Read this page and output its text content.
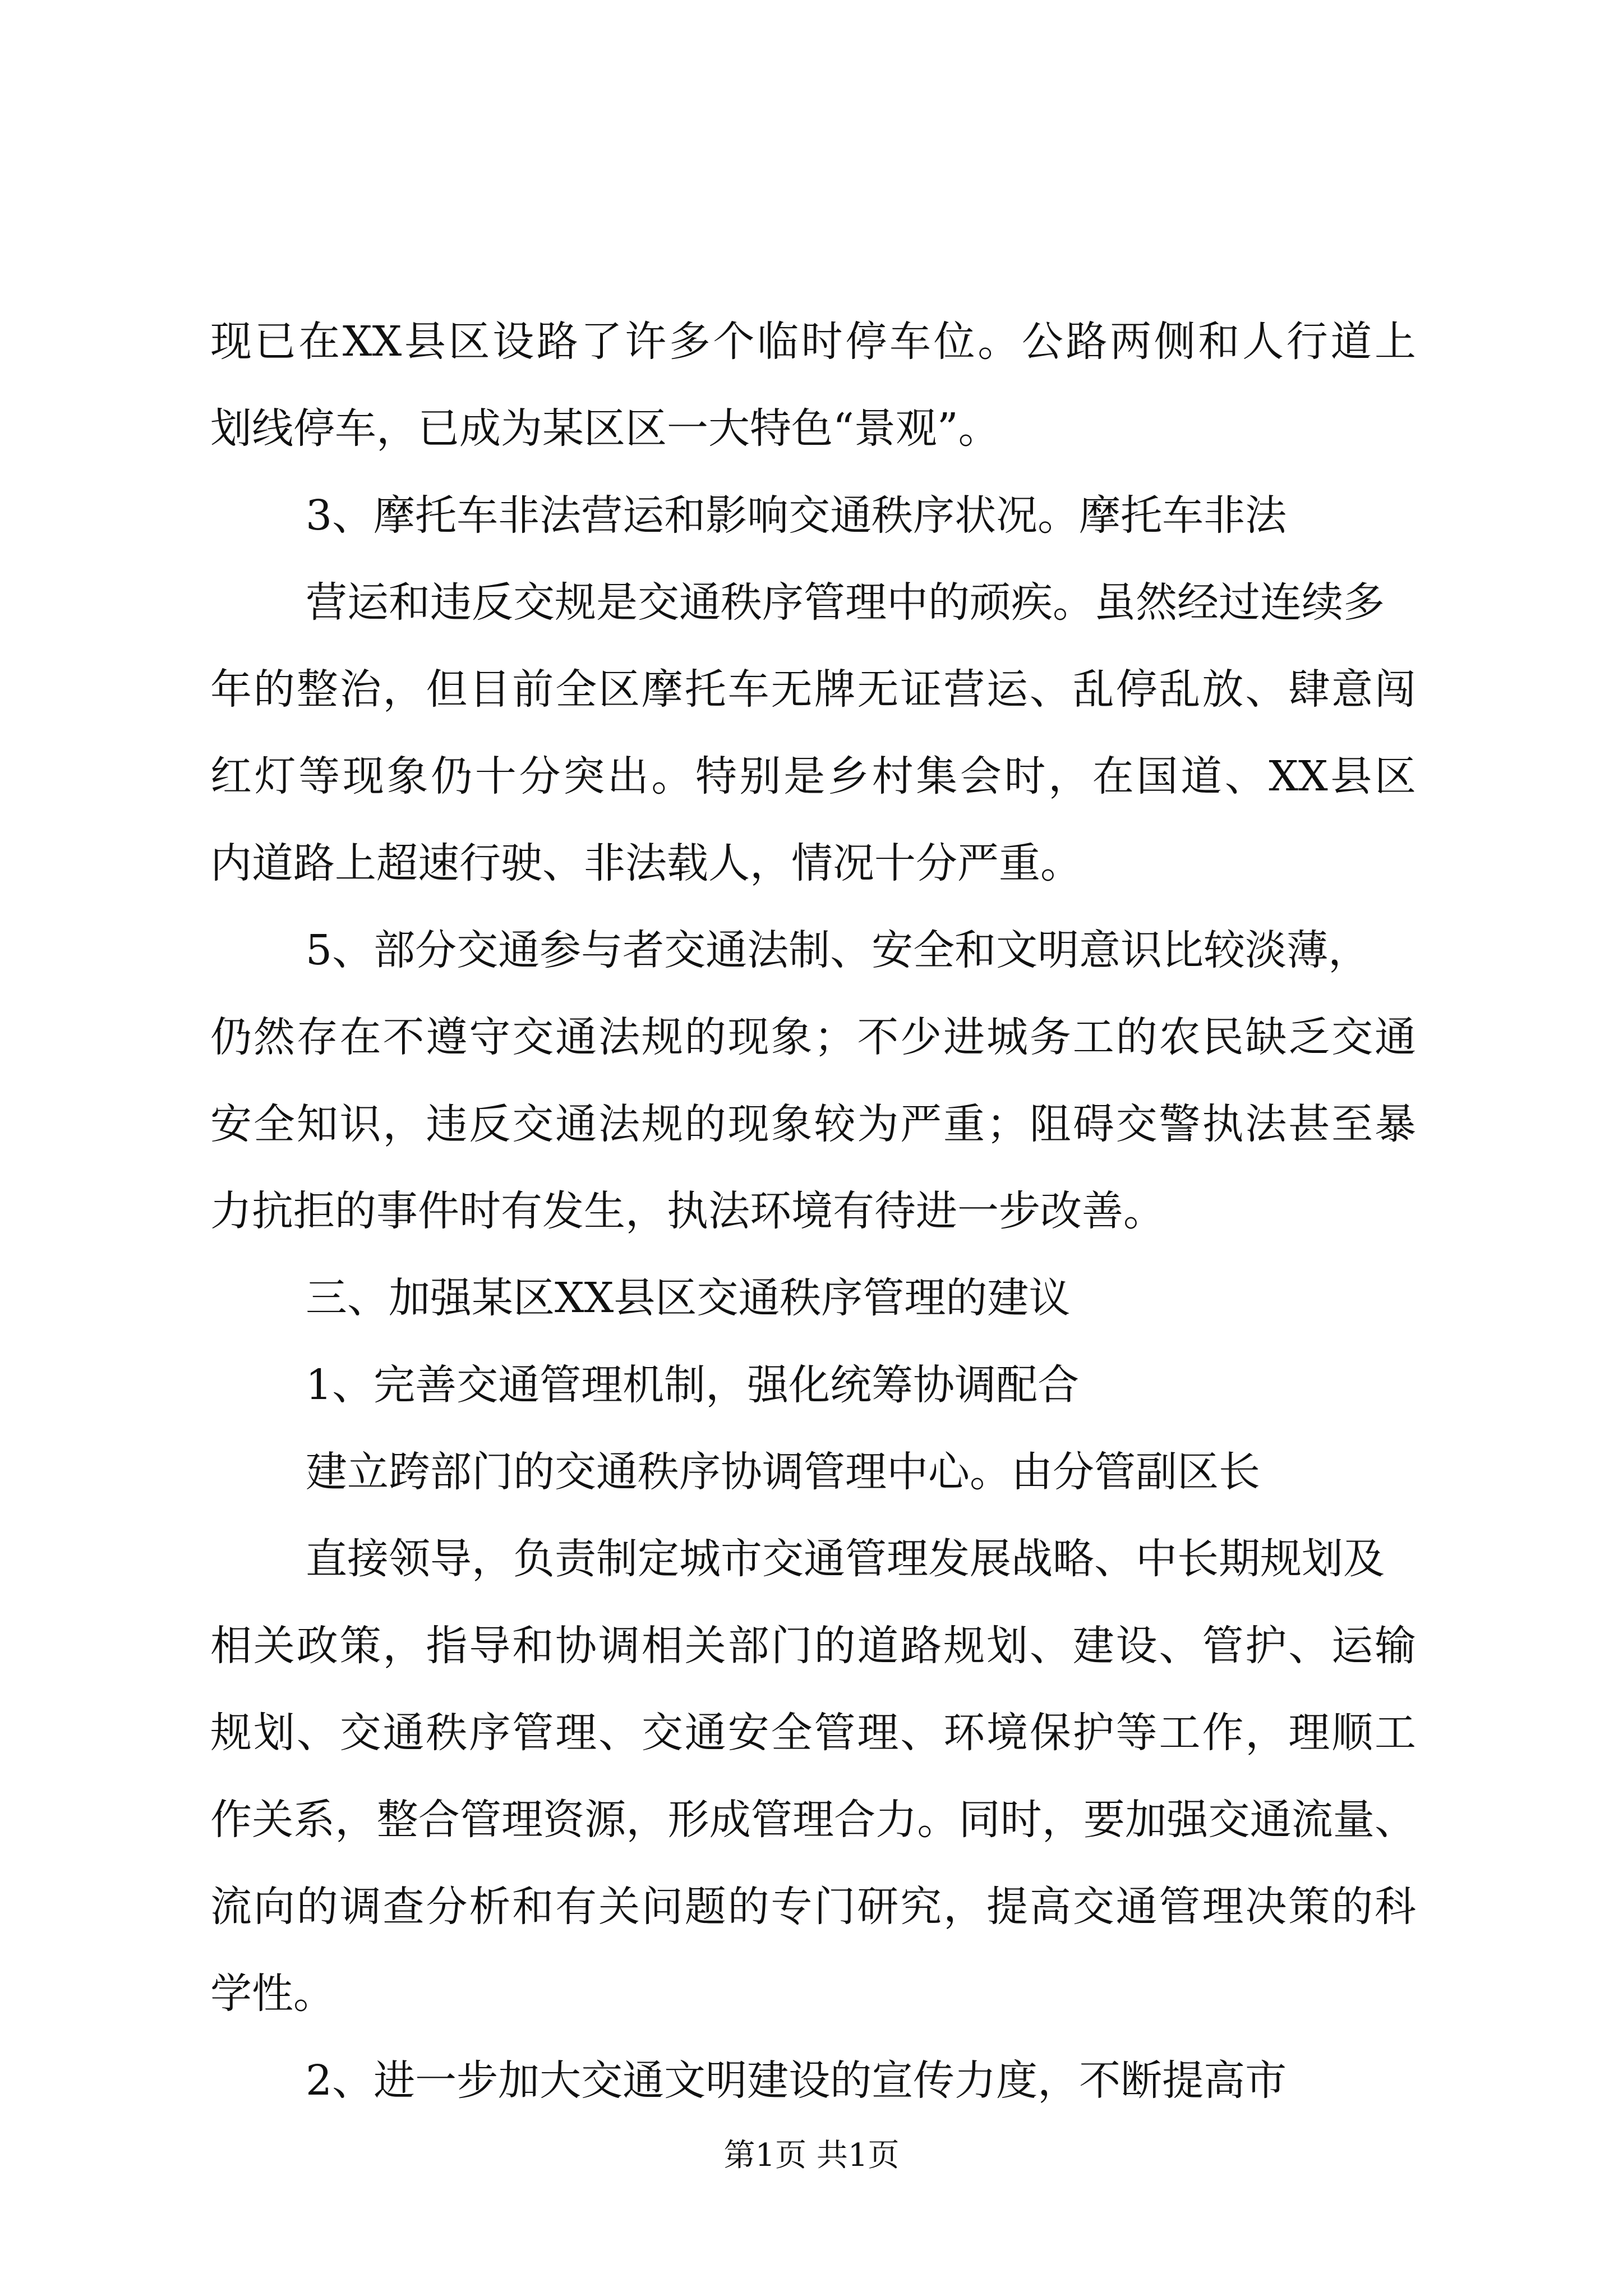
现已在XX县区设路了许多个临时停车位。公路两侧和人行道上
划线停车，已成为某区区一大特色“景观”。
3、摩托车非法营运和影响交通秩序状况。摩托车非法
营运和违反交规是交通秩序管理中的顽疾。虽然经过连续多
年的整治，但目前全区摩托车无牌无证营运、乱停乱放、肆意闯
红灯等现象仍十分突出。特别是乡村集会时，在国道、XX县区
内道路上超速行驶、非法载人，情况十分严重。
5、部分交通参与者交通法制、安全和文明意识比较淡薄，
仍然存在不遵守交通法规的现象；不少进城务工的农民缺乏交通
安全知识，违反交通法规的现象较为严重；阻碍交警执法甚至暴
力抗拒的事件时有发生，执法环境有待进一步改善。
三、加强某区XX县区交通秩序管理的建议
1、完善交通管理机制，强化统筹协调配合
建立跨部门的交通秩序协调管理中心。由分管副区长
直接领导，负责制定城市交通管理发展战略、中长期规划及
相关政策，指导和协调相关部门的道路规划、建设、管护、运输
规划、交通秩序管理、交通安全管理、环境保护等工作，理顺工
作关系，整合管理资源，形成管理合力。同时，要加强交通流量、
流向的调查分析和有关问题的专门研究，提高交通管理决策的科
学性。
2、进一步加大交通文明建设的宣传力度，不断提高市
第1页 共1页
